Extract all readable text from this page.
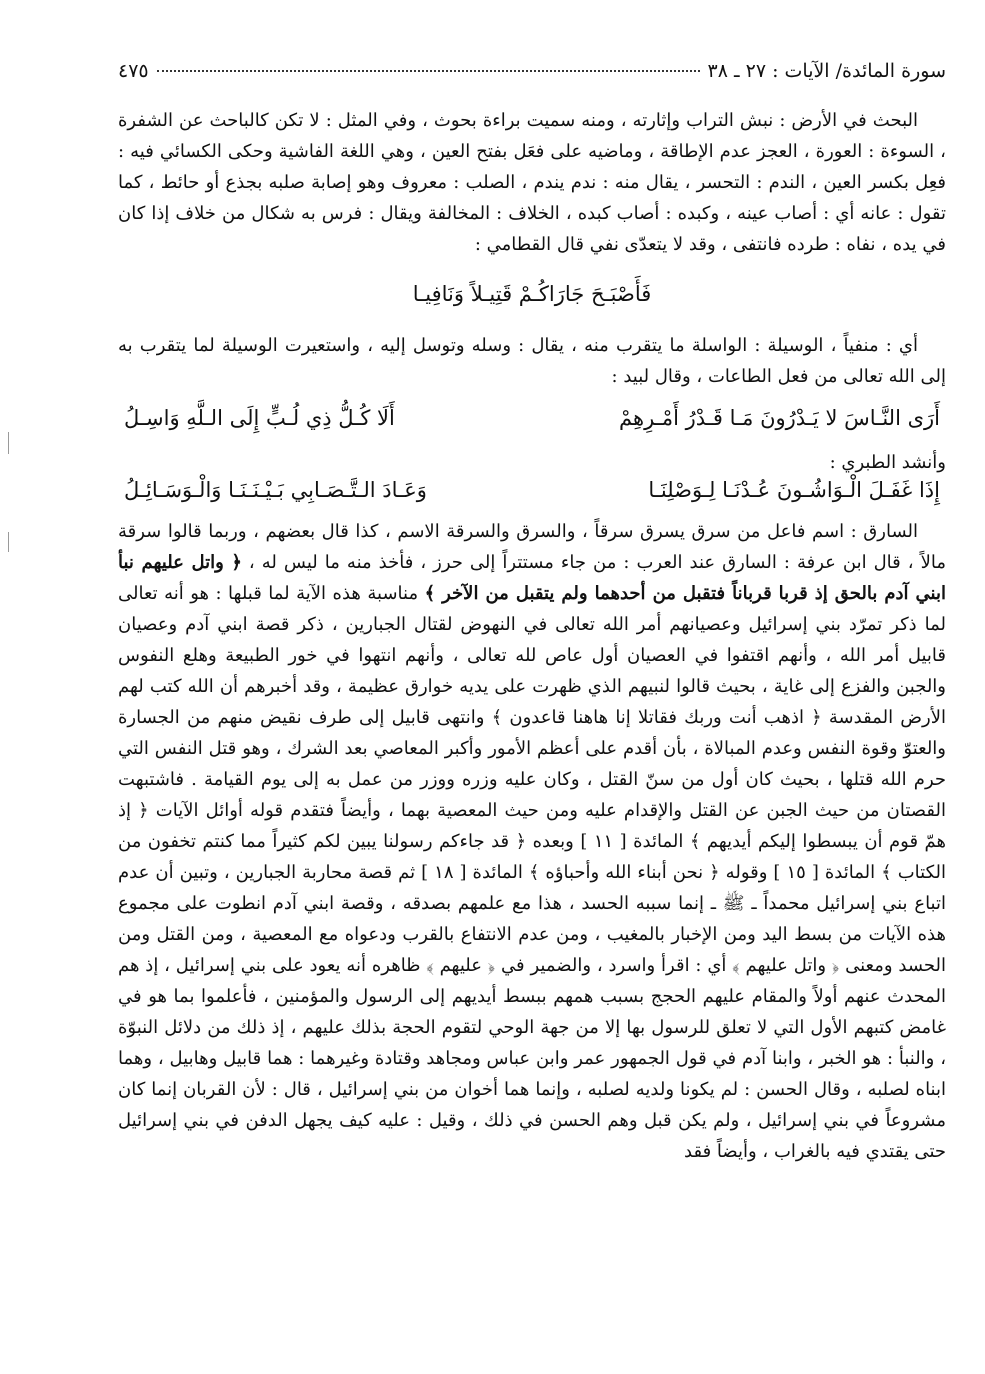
سورة المائدة/ الآيات : ٢٧ ـ ٣٨
٤٧٥

البحث في الأرض : نبش التراب وإثارته ، ومنه سميت براءة بحوث ، وفي المثل : لا تكن كالباحث عن الشفرة ، السوءة : العورة ، العجز عدم الإطاقة ، وماضيه على فعَل بفتح العين ، وهي اللغة الفاشية وحكى الكسائي فيه : فعِل بكسر العين ، الندم : التحسر ، يقال منه : ندم يندم ، الصلب : معروف وهو إصابة صلبه بجذع أو حائط ، كما تقول : عانه أي : أصاب عينه ، وكبده : أصاب كبده ، الخلاف : المخالفة ويقال : فرس به شكال من خلاف إذا كان في يده ، نفاه : طرده فانتفى ، وقد لا يتعدّى نفي قال القطامي :

فَأَصْبَـحَ جَارَاكُـمْ قَتِيـلاً وَنَافِيـا

أي : منفياً ، الوسيلة : الواسلة ما يتقرب منه ، يقال : وسله وتوسل إليه ، واستعيرت الوسيلة لما يتقرب به إلى الله تعالى من فعل الطاعات ، وقال لبيد :

أَرَى النَّـاسَ لا يَـدْرُونَ مَـا قَـدْرُ أَمْـرِهِمْ
أَلَا كُـلُّ ذِي لُـبٍّ إِلَى الـلَّهِ وَاسِـلُ
وأنشد الطبري :
إِذَا غَفَـلَ الْـوَاشُـونَ عُـدْنَـا لِـوَصْلِنَـا
وَعَـادَ الـتَّـصَـابِي بَـيْـنَـنَـا وَالْـوَسَـائِـلُ

السارق : اسم فاعل من سرق يسرق سرقاً ، والسرق والسرقة الاسم ، كذا قال بعضهم ، وربما قالوا سرقة مالاً ، قال ابن عرفة : السارق عند العرب : من جاء مستتراً إلى حرز ، فأخذ منه ما ليس له ، ﴿ واتل عليهم نبأ ابني آدم بالحق إذ قربا قرباناً فتقبل من أحدهما ولم يتقبل من الآخر ﴾ مناسبة هذه الآية لما قبلها : هو أنه تعالى لما ذكر تمرّد بني إسرائيل وعصيانهم أمر الله تعالى في النهوض لقتال الجبارين ، ذكر قصة ابني آدم وعصيان قابيل أمر الله ، وأنهم اقتفوا في العصيان أول عاص لله تعالى ، وأنهم انتهوا في خور الطبيعة وهلع النفوس والجبن والفزع إلى غاية ، بحيث قالوا لنبيهم الذي ظهرت على يديه خوارق عظيمة ، وقد أخبرهم أن الله كتب لهم الأرض المقدسة ﴿ اذهب أنت وربك فقاتلا إنا هاهنا قاعدون ﴾ وانتهى قابيل إلى طرف نقيض منهم من الجسارة والعتوّ وقوة النفس وعدم المبالاة ، بأن أقدم على أعظم الأمور وأكبر المعاصي بعد الشرك ، وهو قتل النفس التي حرم الله قتلها ، بحيث كان أول من سنّ القتل ، وكان عليه وزره ووزر من عمل به إلى يوم القيامة . فاشتبهت القصتان من حيث الجبن عن القتل والإقدام عليه ومن حيث المعصية بهما ، وأيضاً فتقدم قوله أوائل الآيات ﴿ إذ همّ قوم أن يبسطوا إليكم أيديهم ﴾ المائدة [ ١١ ] وبعده ﴿ قد جاءكم رسولنا يبين لكم كثيراً مما كنتم تخفون من الكتاب ﴾ المائدة [ ١٥ ] وقوله ﴿ نحن أبناء الله وأحباؤه ﴾ المائدة [ ١٨ ] ثم قصة محاربة الجبارين ، وتبين أن عدم اتباع بني إسرائيل محمداً ـ ﷺ ـ إنما سببه الحسد ، هذا مع علمهم بصدقه ، وقصة ابني آدم انطوت على مجموع هذه الآيات من بسط اليد ومن الإخبار بالمغيب ، ومن عدم الانتفاع بالقرب ودعواه مع المعصية ، ومن القتل ومن الحسد ومعنى ﴿ واتل عليهم ﴾ أي : اقرأ واسرد ، والضمير في ﴿ عليهم ﴾ ظاهره أنه يعود على بني إسرائيل ، إذ هم المحدث عنهم أولاً والمقام عليهم الحجج بسبب همهم ببسط أيديهم إلى الرسول والمؤمنين ، فأعلموا بما هو في غامض كتبهم الأول التي لا تعلق للرسول بها إلا من جهة الوحي لتقوم الحجة بذلك عليهم ، إذ ذلك من دلائل النبوّة ، والنبأ : هو الخبر ، وابنا آدم في قول الجمهور عمر وابن عباس ومجاهد وقتادة وغيرهما : هما قابيل وهابيل ، وهما ابناه لصلبه ، وقال الحسن : لم يكونا ولديه لصلبه ، وإنما هما أخوان من بني إسرائيل ، قال : لأن القربان إنما كان مشروعاً في بني إسرائيل ، ولم يكن قبل وهم الحسن في ذلك ، وقيل : عليه كيف يجهل الدفن في بني إسرائيل حتى يقتدي فيه بالغراب ، وأيضاً فقد
